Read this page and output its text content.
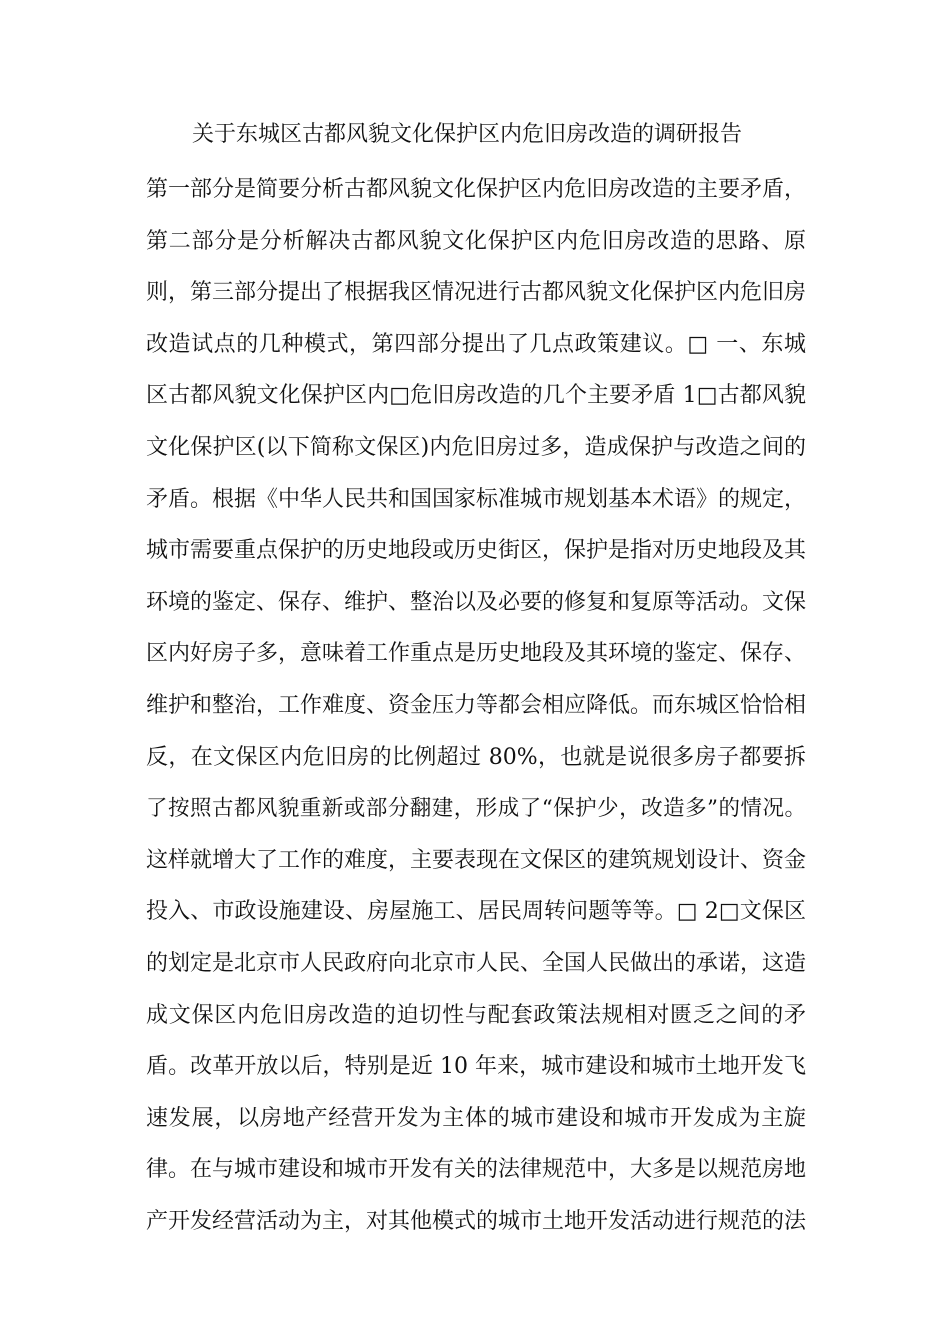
关于东城区古都风貌文化保护区内危旧房改造的调研报告
第一部分是简要分析古都风貌文化保护区内危旧房改造的主要矛盾，
第二部分是分析解决古都风貌文化保护区内危旧房改造的思路、原
则，第三部分提出了根据我区情况进行古都风貌文化保护区内危旧房
改造试点的几种模式，第四部分提出了几点政策建议。□ 一、东城
区古都风貌文化保护区内□危旧房改造的几个主要矛盾 1□古都风貌
文化保护区(以下简称文保区)内危旧房过多，造成保护与改造之间的
矛盾。根据《中华人民共和国国家标准城市规划基本术语》的规定，
城市需要重点保护的历史地段或历史街区，保护是指对历史地段及其
环境的鉴定、保存、维护、整治以及必要的修复和复原等活动。文保
区内好房子多，意味着工作重点是历史地段及其环境的鉴定、保存、
维护和整治，工作难度、资金压力等都会相应降低。而东城区恰恰相
反，在文保区内危旧房的比例超过 80%，也就是说很多房子都要拆
了按照古都风貌重新或部分翻建，形成了“保护少，改造多”的情况。
这样就增大了工作的难度，主要表现在文保区的建筑规划设计、资金
投入、市政设施建设、房屋施工、居民周转问题等等。□ 2□文保区
的划定是北京市人民政府向北京市人民、全国人民做出的承诺，这造
成文保区内危旧房改造的迫切性与配套政策法规相对匮乏之间的矛
盾。改革开放以后，特别是近 10 年来，城市建设和城市土地开发飞
速发展，以房地产经营开发为主体的城市建设和城市开发成为主旋
律。在与城市建设和城市开发有关的法律规范中，大多是以规范房地
产开发经营活动为主，对其他模式的城市土地开发活动进行规范的法
